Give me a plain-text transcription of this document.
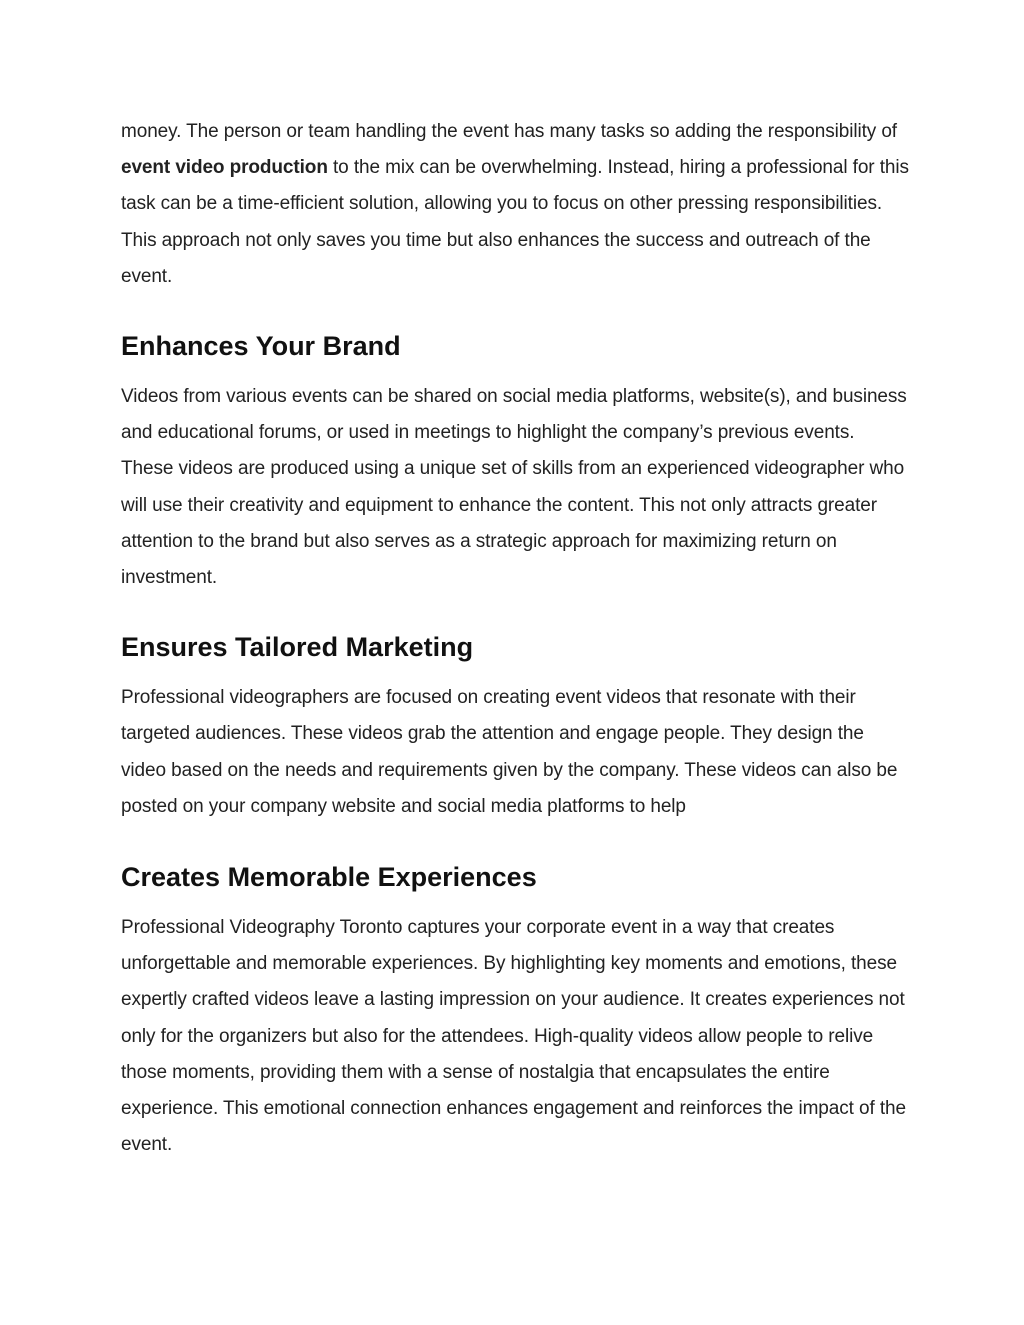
money. The person or team handling the event has many tasks so adding the responsibility of event video production to the mix can be overwhelming. Instead, hiring a professional for this task can be a time-efficient solution, allowing you to focus on other pressing responsibilities. This approach not only saves you time but also enhances the success and outreach of the event.

Enhances Your Brand

Videos from various events can be shared on social media platforms, website(s), and business and educational forums, or used in meetings to highlight the company’s previous events. These videos are produced using a unique set of skills from an experienced videographer who will use their creativity and equipment to enhance the content. This not only attracts greater attention to the brand but also serves as a strategic approach for maximizing return on investment.

Ensures Tailored Marketing

Professional videographers are focused on creating event videos that resonate with their targeted audiences. These videos grab the attention and engage people. They design the video based on the needs and requirements given by the company. These videos can also be posted on your company website and social media platforms to help

Creates Memorable Experiences

Professional Videography Toronto captures your corporate event in a way that creates unforgettable and memorable experiences. By highlighting key moments and emotions, these expertly crafted videos leave a lasting impression on your audience. It creates experiences not only for the organizers but also for the attendees. High-quality videos allow people to relive those moments, providing them with a sense of nostalgia that encapsulates the entire experience. This emotional connection enhances engagement and reinforces the impact of the event.
